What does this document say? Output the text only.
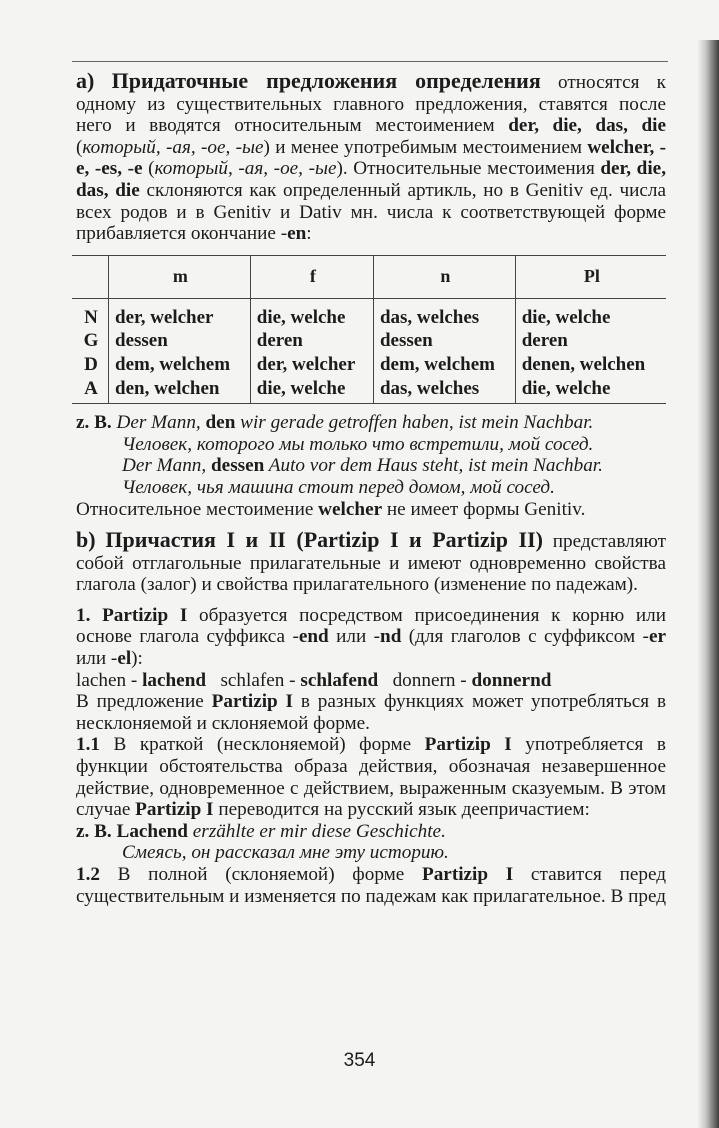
a) Придаточные предложения определения относятся к одному из существительных главного предложения, ставятся после него и вводятся относительным местоимением der, die, das, die (который, -ая, -ое, -ые) и менее употребимым местоимением welcher, -e, -es, -e (который, -ая, -ое, -ые). Относительные местоимения der, die, das, die склоняются как определенный артикль, но в Genitiv ед. числа всех родов и в Genitiv и Dativ мн. числа к соответствующей форме прибавляется окончание -en:

	m	f	n	Pl
N	der, welcher	die, welche	das, welches	die, welche
G	dessen	deren	dessen	deren
D	dem, welchem	der, welcher	dem, welchem	denen, welchen
A	den, welchen	die, welche	das, welches	die, welche

z. B. Der Mann, den wir gerade getroffen haben, ist mein Nachbar.

Человек, которого мы только что встретили, мой сосед.

Der Mann, dessen Auto vor dem Haus steht, ist mein Nachbar.

Человек, чья машина стоит перед домом, мой сосед.

Относительное местоимение welcher не имеет формы Genitiv.

b) Причастия I и II (Partizip I и Partizip II) представляют собой отглагольные прилагательные и имеют одновременно свойства глагола (залог) и свойства прилагательного (изменение по падежам).

1. Partizip I образуется посредством присоединения к корню или основе глагола суффикса -end или -nd (для глаголов с суффиксом -er или -el):

lachen - lachend schlafen - schlafend donnern - donnernd

В предложение Partizip I в разных функциях может употребляться в несклоняемой и склоняемой форме.

1.1 В краткой (несклоняемой) форме Partizip I употребляется в функции обстоятельства образа действия, обозначая незавершенное действие, одновременное с действием, выраженным сказуемым. В этом случае Partizip I переводится на русский язык деепричастием:

z. B. Lachend erzählte er mir diese Geschichte.

Смеясь, он рассказал мне эту историю.

1.2 В полной (склоняемой) форме Partizip I ставится перед существительным и изменяется по падежам как прилагательное. В пред

354
